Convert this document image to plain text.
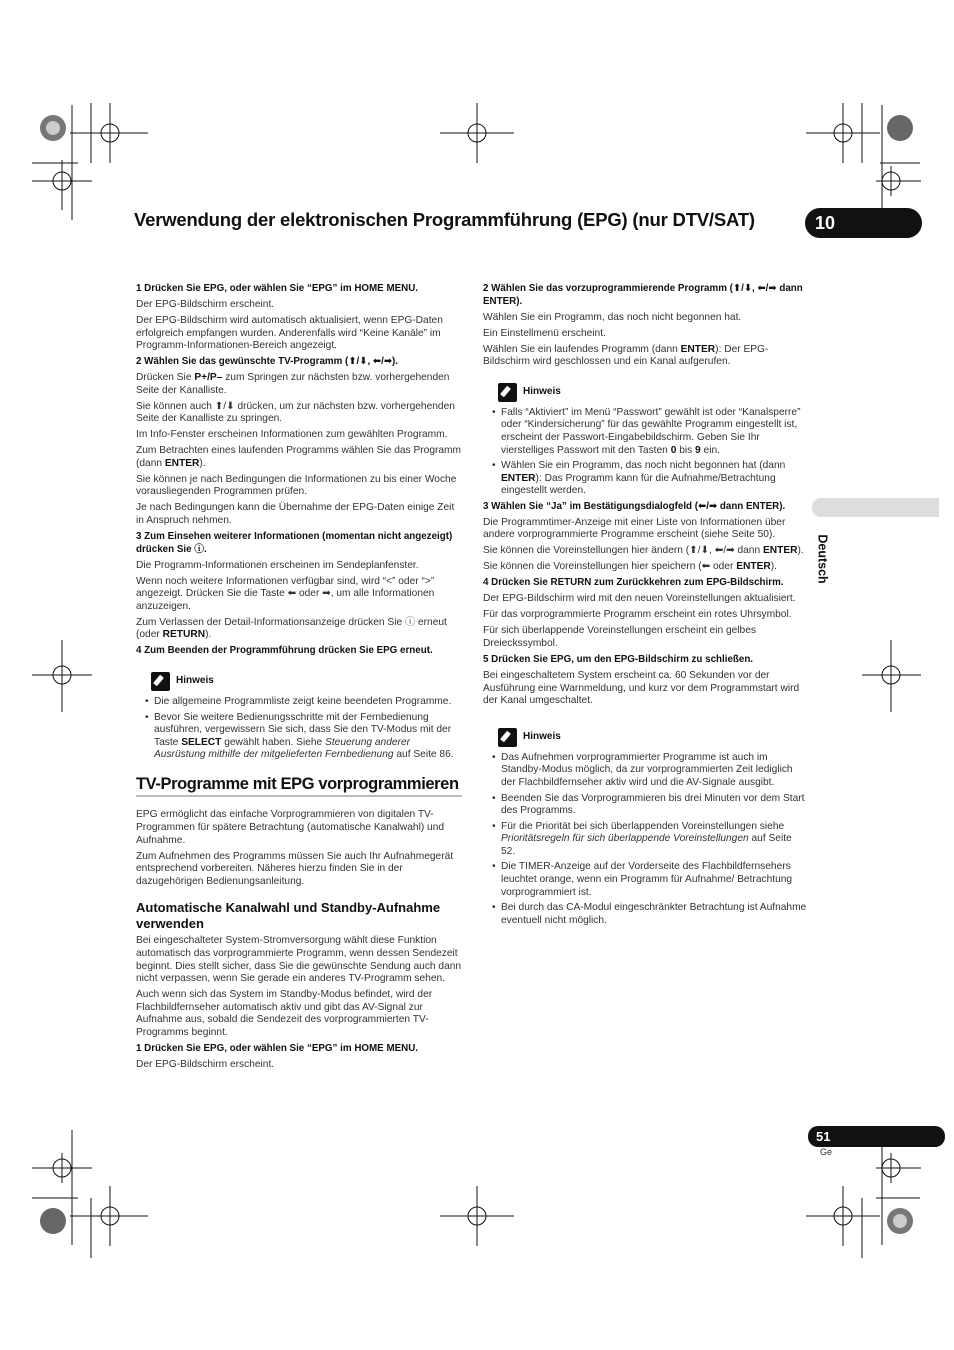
Verwendung der elektronischen Programmführung (EPG) (nur DTV/SAT)	10
Deutsch

1 Drücken Sie EPG, oder wählen Sie “EPG” im HOME MENU.

Der EPG-Bildschirm erscheint.

Der EPG-Bildschirm wird automatisch aktualisiert, wenn EPG-Daten erfolgreich empfangen wurden. Anderenfalls wird “Keine Kanäle” im Programm-Informationen-Bereich angezeigt.

2 Wählen Sie das gewünschte TV-Programm (⬆/⬇, ⬅/➡).

Drücken Sie P+/P– zum Springen zur nächsten bzw. vorhergehenden Seite der Kanalliste.

Sie können auch ⬆/⬇ drücken, um zur nächsten bzw. vorhergehenden Seite der Kanalliste zu springen.

Im Info-Fenster erscheinen Informationen zum gewählten Programm.

Zum Betrachten eines laufenden Programms wählen Sie das Programm (dann ENTER).

Sie können je nach Bedingungen die Informationen zu bis einer Woche vorausliegenden Programmen prüfen.

Je nach Bedingungen kann die Übernahme der EPG-Daten einige Zeit in Anspruch nehmen.

3 Zum Einsehen weiterer Informationen (momentan nicht angezeigt) drücken Sie ⓘ.

Die Programm-Informationen erscheinen im Sendeplanfenster.

Wenn noch weitere Informationen verfügbar sind, wird “<” oder “>” angezeigt. Drücken Sie die Taste ⬅ oder ➡, um alle Informationen anzuzeigen.

Zum Verlassen der Detail-Informationsanzeige drücken Sie ⓘ erneut (oder RETURN).

4 Zum Beenden der Programmführung drücken Sie EPG erneut.

Hinweis
• Die allgemeine Programmliste zeigt keine beendeten Programme.
• Bevor Sie weitere Bedienungsschritte mit der Fernbedienung ausführen, vergewissern Sie sich, dass Sie den TV-Modus mit der Taste SELECT gewählt haben. Siehe Steuerung anderer Ausrüstung mithilfe der mitgelieferten Fernbedienung auf Seite 86.
TV-Programme mit EPG vorprogrammieren

EPG ermöglicht das einfache Vorprogrammieren von digitalen TV-Programmen für spätere Betrachtung (automatische Kanalwahl) und Aufnahme.

Zum Aufnehmen des Programms müssen Sie auch Ihr Aufnahmegerät entsprechend vorbereiten. Näheres hierzu finden Sie in der dazugehörigen Bedienungsanleitung.

Automatische Kanalwahl und Standby-Aufnahme verwenden

Bei eingeschalteter System-Stromversorgung wählt diese Funktion automatisch das vorprogrammierte Programm, wenn dessen Sendezeit beginnt. Dies stellt sicher, dass Sie die gewünschte Sendung auch dann nicht verpassen, wenn Sie gerade ein anderes TV-Programm sehen.

Auch wenn sich das System im Standby-Modus befindet, wird der Flachbildfernseher automatisch aktiv und gibt das AV-Signal zur Aufnahme aus, sobald die Sendezeit des vorprogrammierten TV-Programms beginnt.

1 Drücken Sie EPG, oder wählen Sie “EPG” im HOME MENU.

Der EPG-Bildschirm erscheint.

2 Wählen Sie das vorzuprogrammierende Programm (⬆/⬇, ⬅/➡ dann ENTER).

Wählen Sie ein Programm, das noch nicht begonnen hat.

Ein Einstellmenü erscheint.

Wählen Sie ein laufendes Programm (dann ENTER): Der EPG-Bildschirm wird geschlossen und ein Kanal aufgerufen.

Hinweis
• Falls “Aktiviert” im Menü “Passwort” gewählt ist oder “Kanalsperre” oder “Kindersicherung” für das gewählte Programm eingestellt ist, erscheint der Passwort-Eingabebildschirm. Geben Sie Ihr vierstelliges Passwort mit den Tasten 0 bis 9 ein.
• Wählen Sie ein Programm, das noch nicht begonnen hat (dann ENTER): Das Programm kann für die Aufnahme/Betrachtung eingestellt werden.

3 Wählen Sie “Ja” im Bestätigungsdialogfeld (⬅/➡ dann ENTER).

Die Programmtimer-Anzeige mit einer Liste von Informationen über andere vorprogrammierte Programme erscheint (siehe Seite 50).

Sie können die Voreinstellungen hier ändern (⬆/⬇, ⬅/➡ dann ENTER).

Sie können die Voreinstellungen hier speichern (⬅ oder ENTER).

4 Drücken Sie RETURN zum Zurückkehren zum EPG-Bildschirm.

Der EPG-Bildschirm wird mit den neuen Voreinstellungen aktualisiert.

Für das vorprogrammierte Programm erscheint ein rotes Uhrsymbol.

Für sich überlappende Voreinstellungen erscheint ein gelbes Dreieckssymbol.

5 Drücken Sie EPG, um den EPG-Bildschirm zu schließen.

Bei eingeschaltetem System erscheint ca. 60 Sekunden vor der Ausführung eine Warnmeldung, und kurz vor dem Programmstart wird der Kanal umgeschaltet.

Hinweis
• Das Aufnehmen vorprogrammierter Programme ist auch im Standby-Modus möglich, da zur vorprogrammierten Zeit lediglich der Flachbildfernseher aktiv wird und die AV-Signale ausgibt.
• Beenden Sie das Vorprogrammieren bis drei Minuten vor dem Start des Programms.
• Für die Priorität bei sich überlappenden Voreinstellungen siehe Prioritätsregeln für sich überlappende Voreinstellungen auf Seite 52.
• Die TIMER-Anzeige auf der Vorderseite des Flachbildfernsehers leuchtet orange, wenn ein Programm für Aufnahme/ Betrachtung vorprogrammiert ist.
• Bei durch das CA-Modul eingeschränkter Betrachtung ist Aufnahme eventuell nicht möglich.
51
Ge
